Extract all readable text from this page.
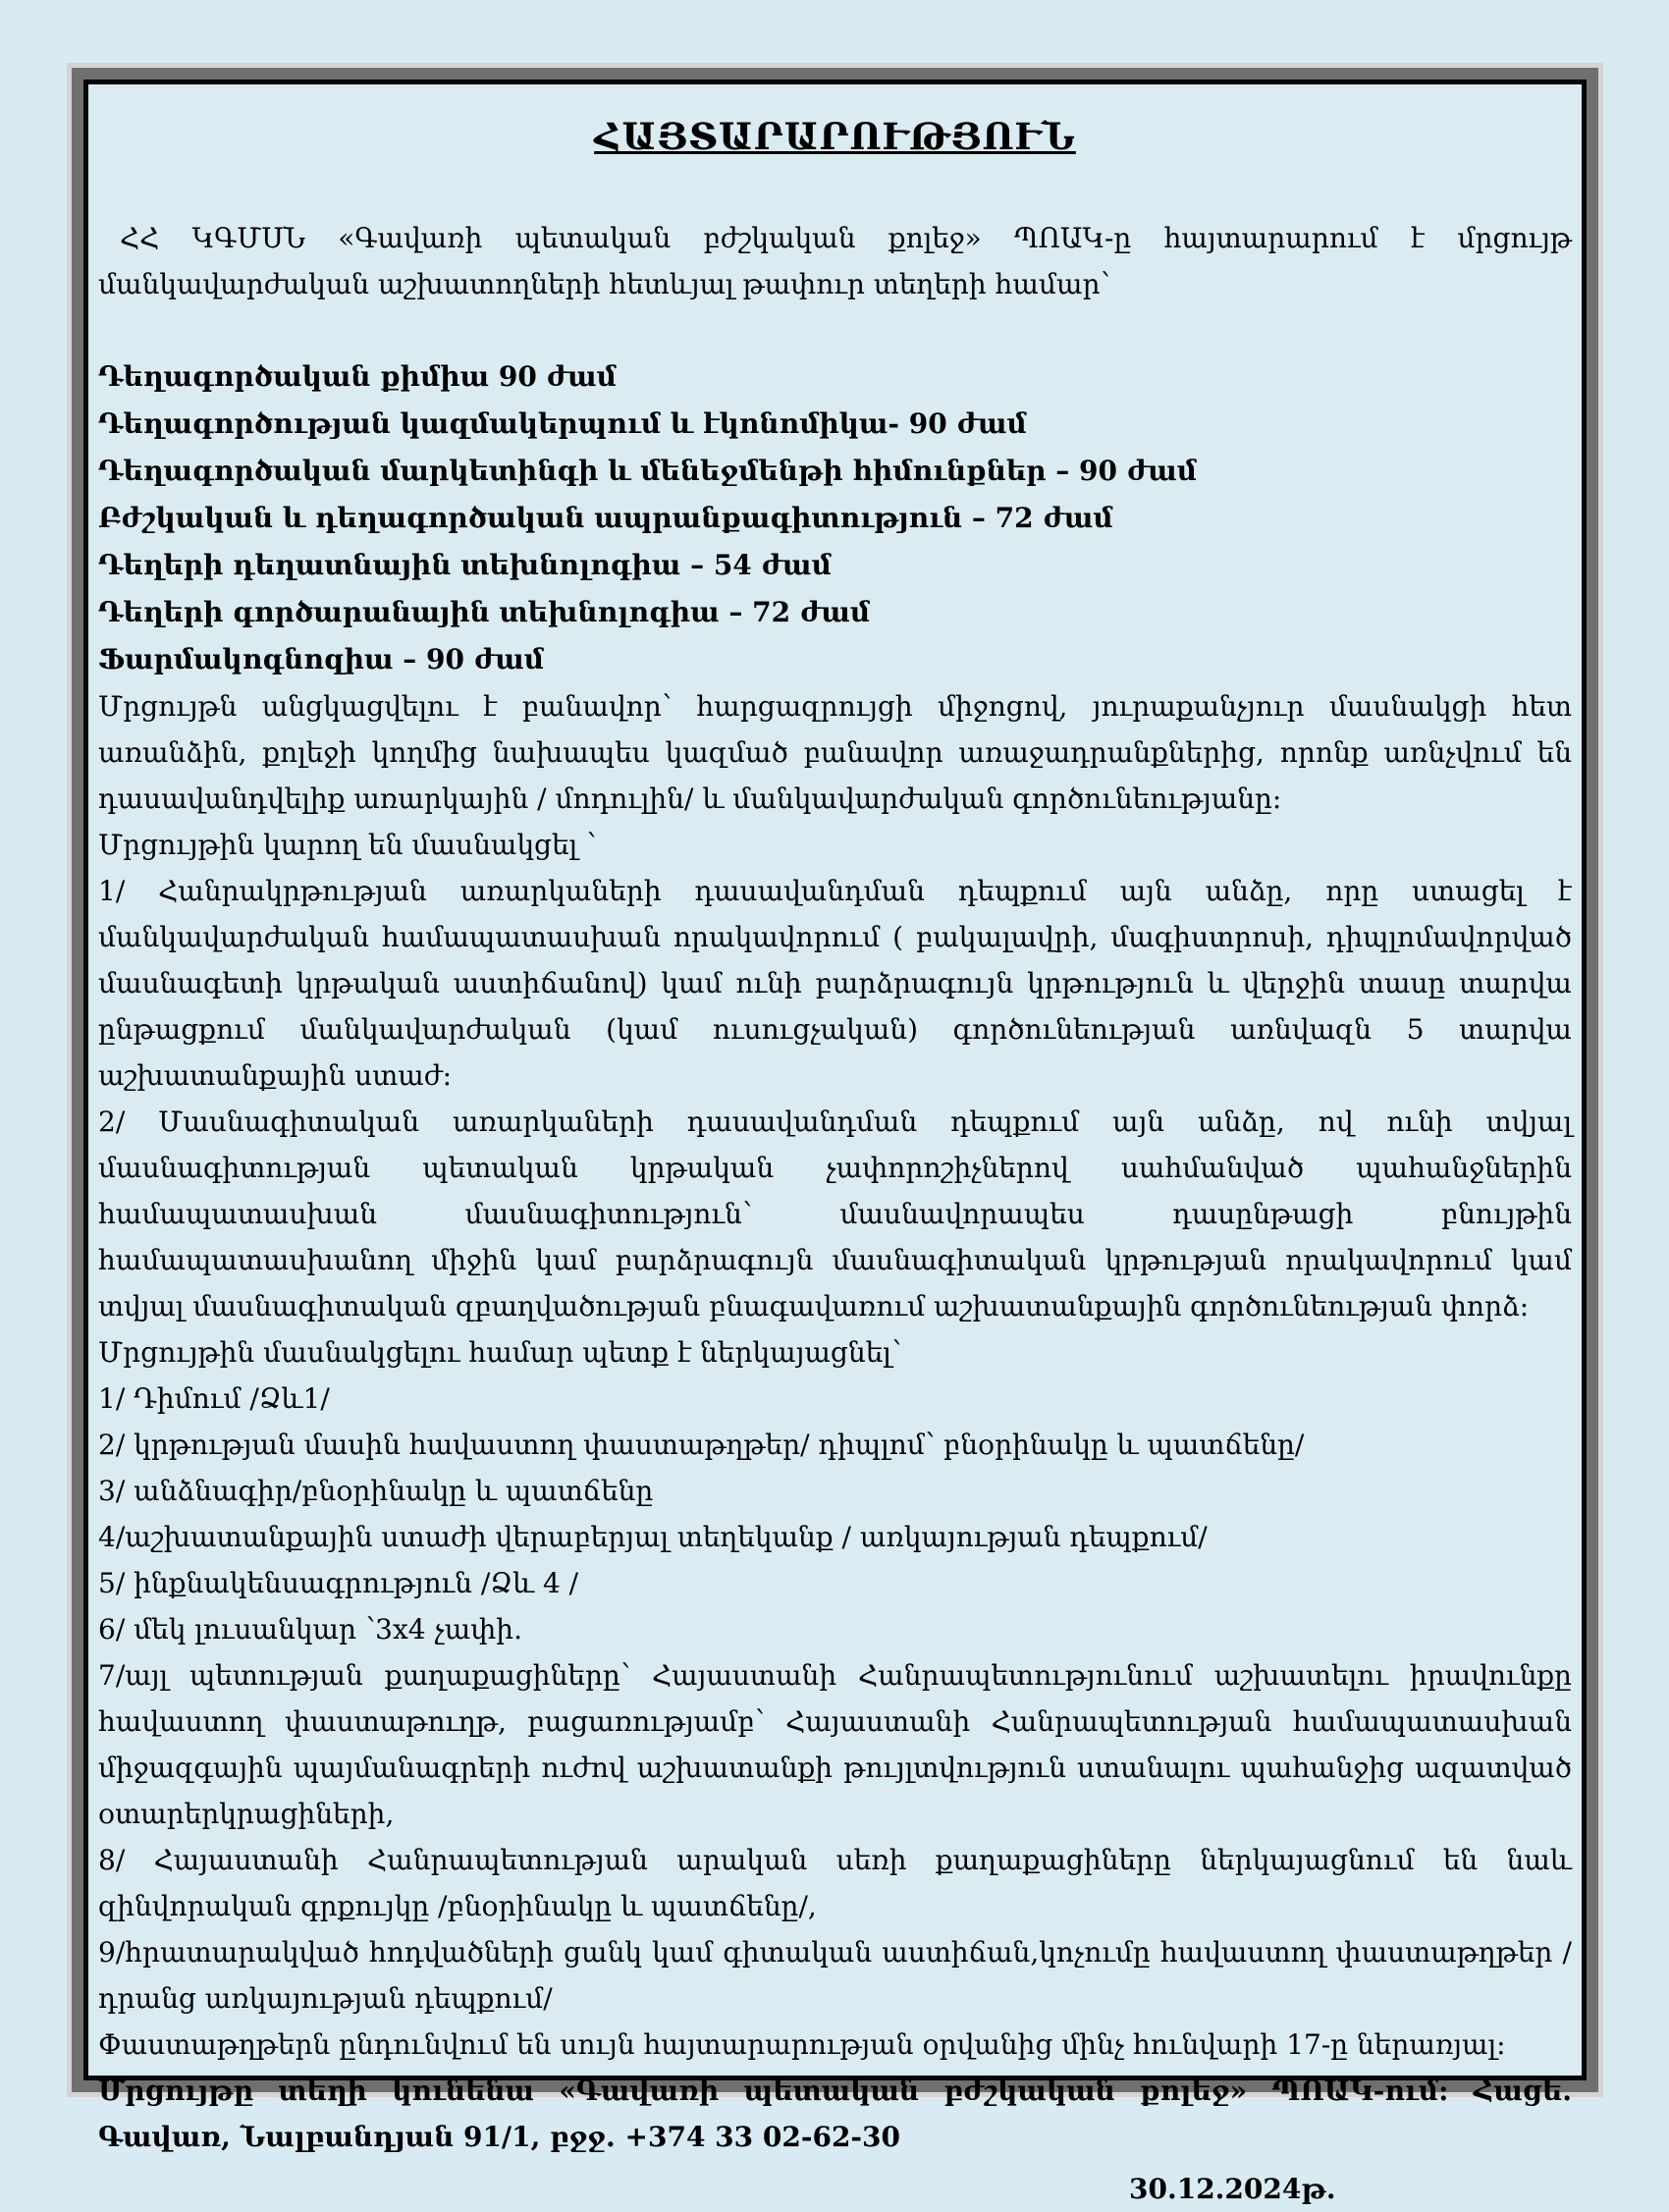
ՀԱՅՏԱՐԱՐՈՒԹՅՈՒՆ

ՀՀ ԿԳՄՍՆ «Գավառի պետական բժշկական քոլեջ» ՊՈԱԿ-ը հայտարարում է մրցույթ մանկավարժական աշխատողների հետևյալ թափուր տեղերի համար՝

Դեղագործական քիմիա 90 ժամ
Դեղագործության կազմակերպում և էկոնոմիկա- 90 ժամ
Դեղագործական մարկետինգի և մենեջմենթի հիմունքներ – 90 ժամ
Բժշկական և դեղագործական ապրանքագիտություն – 72 ժամ
Դեղերի դեղատնային տեխնոլոգիա – 54 ժամ
Դեղերի գործարանային տեխնոլոգիա – 72 ժամ
Ֆարմակոգնոզիա – 90 ժամ

Մրցույթն անցկացվելու է բանավոր՝ հարցազրույցի միջոցով, յուրաքանչյուր մասնակցի հետ առանձին, քոլեջի կողմից նախապես կազմած բանավոր առաջադրանքներից, որոնք առնչվում են դասավանդվելիք առարկային / մոդուլին/ և մանկավարժական գործունեությանը:

Մրցույթին կարող են մասնակցել ՝

1/ Հանրակրթության առարկաների դասավանդման դեպքում այն անձը, որը ստացել է մանկավարժական համապատասխան որակավորում ( բակալավրի, մագիստրոսի, դիպլոմավորված մասնագետի կրթական աստիճանով) կամ ունի բարձրագույն կրթություն և վերջին տասը տարվա ընթացքում մանկավարժական (կամ ուսուցչական) գործունեության առնվազն 5 տարվա աշխատանքային ստաժ:

2/ Մասնագիտական առարկաների դասավանդման դեպքում այն անձը, ով ունի տվյալ մասնագիտության պետական կրթական չափորոշիչներով սահմանված պահանջներին համապատասխան մասնագիտություն՝ մասնավորապես դասընթացի բնույթին համապատասխանող միջին կամ բարձրագույն մասնագիտական կրթության որակավորում կամ տվյալ մասնագիտական զբաղվածության բնագավառում աշխատանքային գործունեության փորձ:

Մրցույթին մասնակցելու համար պետք է ներկայացնել՝

1/ Դիմում /Ձև1/

2/ կրթության մասին հավաստող փաստաթղթեր/ դիպլոմ՝ բնօրինակը և պատճենը/

3/ անձնագիր/բնօրինակը և պատճենը

4/աշխատանքային ստաժի վերաբերյալ տեղեկանք / առկայության դեպքում/

5/ ինքնակենսագրություն /Ձև 4 /

6/ մեկ լուսանկար ՝3x4 չափի.

7/այլ պետության քաղաքացիները՝ Հայաստանի Հանրապետությունում աշխատելու իրավունքը հավաստող փաստաթուղթ, բացառությամբ՝ Հայաստանի Հանրապետության համապատասխան միջազգային պայմանագրերի ուժով աշխատանքի թույլտվություն ստանալու պահանջից ազատված օտարերկրացիների,

8/ Հայաստանի Հանրապետության արական սեռի քաղաքացիները ներկայացնում են նաև զինվորական գրքույկը /բնօրինակը և պատճենը/,

9/հրատարակված հոդվածների ցանկ կամ գիտական աստիճան,կոչումը հավաստող փաստաթղթեր / դրանց առկայության դեպքում/

Փաստաթղթերն ընդունվում են սույն հայտարարության օրվանից մինչ հունվարի 17-ը ներառյալ:

Մրցույթը տեղի կունենա «Գավառի պետական բժշկական քոլեջ» ՊՈԱԿ-ում: Հացե. Գավառ, Նալբանդյան 91/1, բջջ. +374 33 02-62-30

30.12.2024թ.
